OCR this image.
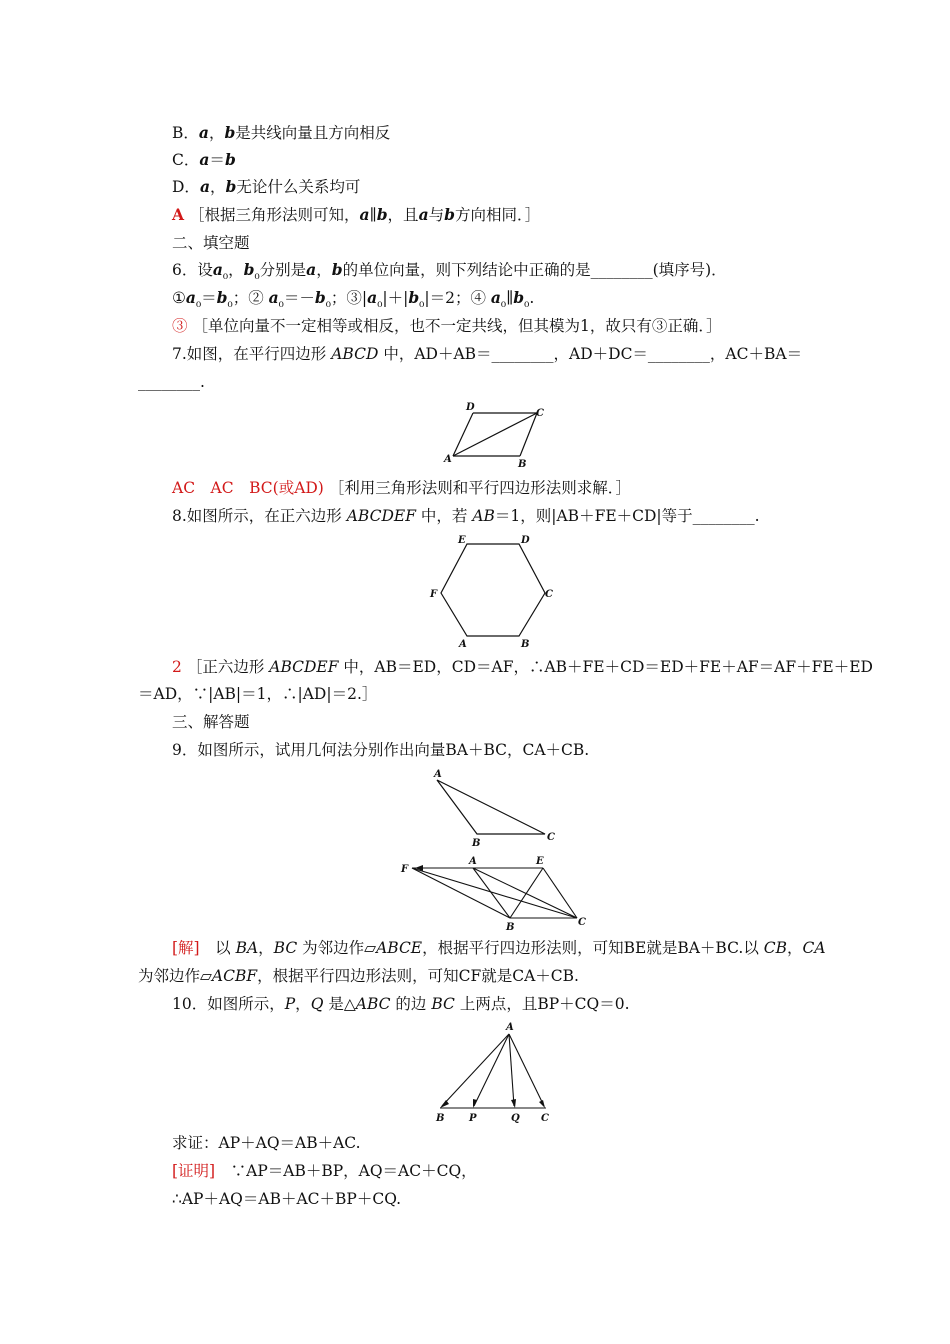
B．a，b是共线向量且方向相反
C．a＝b
D．a，b无论什么关系均可
A ［根据三角形法则可知，a∥b，且a与b方向相同．］
二、填空题
6．设$a_{_0}$，$b_{_0}$分别是a，b的单位向量，则下列结论中正确的是________(填序号)．
$①a_{_0}=b_{_0}$；② $a_{_0}=-b_{_0}$；$③|a_{_0}|+|b_{_0}|=2$；④ $a_{_0}\parallel b_{_0}$.
③ ［单位向量不一定相等或相反，也不一定共线，但其模为1，故只有③正确．］
7.如图，在平行四边形 ABCD 中，AD＋AB＝________，AD＋DC＝________，AC＋BA＝
________.
D
C
A	B
AC　AC　BC(或AD) ［利用三角形法则和平行四边形法则求解．］
8.如图所示，在正六边形 ABCDEF 中，若 AB＝1，则|AB＋FE＋CD|等于________.
E	D
F	C
A	B
2 ［正六边形 ABCDEF 中，AB＝ED，CD＝AF，∴AB＋FE＋CD＝ED＋FE＋AF＝AF＋FE＋ED
＝AD，∵|AB|＝1，∴|AD|＝2.］
三、解答题
9．如图所示，试用几何法分别作出向量BA＋BC，CA＋CB.
A
B
C
F
A	E
B	C
[解]　 以 BA，BC 为邻边作▱ABCE，根据平行四边形法则，可知BE就是BA＋BC.以 CB，CA
为邻边作▱ACBF，根据平行四边形法则，可知CF就是CA＋CB.
10．如图所示，P，Q 是△ABC 的边 BC 上两点，且BP＋CQ＝0.
A
B P	Q C
求证：AP＋AQ＝AB＋AC.
[证明]　 ∵AP＝AB＋BP，AQ＝AC＋CQ，
∴AP＋AQ＝AB＋AC＋BP＋CQ.
